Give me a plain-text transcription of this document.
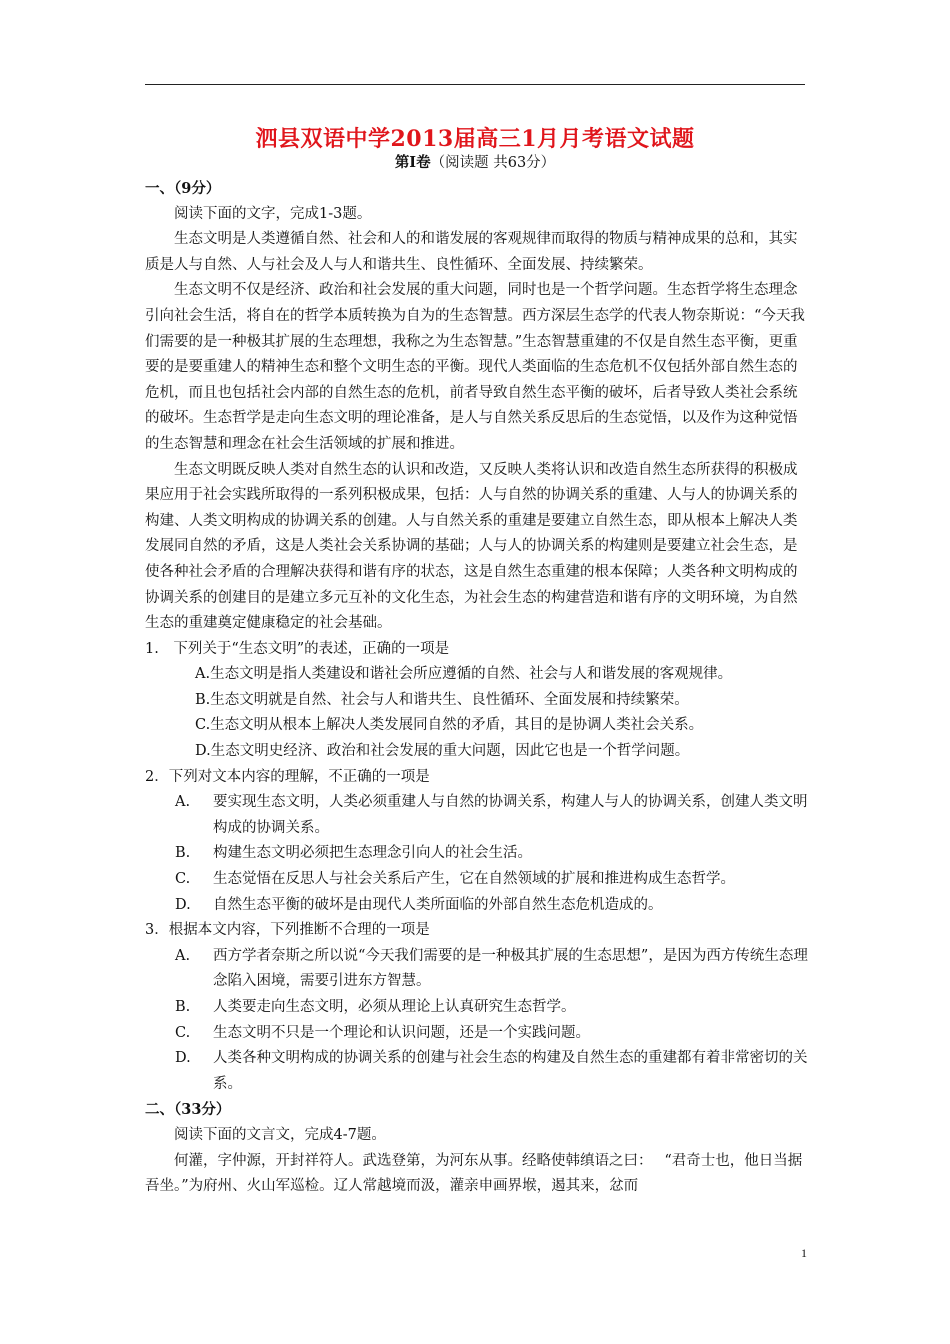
泗县双语中学2013届高三1月月考语文试题
第Ⅰ卷（阅读题 共63分）

一、（9分）

阅读下面的文字，完成1-3题。

生态文明是人类遵循自然、社会和人的和谐发展的客观规律而取得的物质与精神成果的总和，其实质是人与自然、人与社会及人与人和谐共生、良性循环、全面发展、持续繁荣。

生态文明不仅是经济、政治和社会发展的重大问题，同时也是一个哲学问题。生态哲学将生态理念引向社会生活，将自在的哲学本质转换为自为的生态智慧。西方深层生态学的代表人物奈斯说：“今天我们需要的是一种极其扩展的生态理想，我称之为生态智慧。”生态智慧重建的不仅是自然生态平衡，更重要的是要重建人的精神生态和整个文明生态的平衡。现代人类面临的生态危机不仅包括外部自然生态的危机，而且也包括社会内部的自然生态的危机，前者导致自然生态平衡的破坏，后者导致人类社会系统的破坏。生态哲学是走向生态文明的理论准备，是人与自然关系反思后的生态觉悟，以及作为这种觉悟的生态智慧和理念在社会生活领域的扩展和推进。

生态文明既反映人类对自然生态的认识和改造，又反映人类将认识和改造自然生态所获得的积极成果应用于社会实践所取得的一系列积极成果，包括：人与自然的协调关系的重建、人与人的协调关系的构建、人类文明构成的协调关系的创建。人与自然关系的重建是要建立自然生态，即从根本上解决人类发展同自然的矛盾，这是人类社会关系协调的基础；人与人的协调关系的构建则是要建立社会生态，是使各种社会矛盾的合理解决获得和谐有序的状态，这是自然生态重建的根本保障；人类各种文明构成的协调关系的创建目的是建立多元互补的文化生态，为社会生态的构建营造和谐有序的文明环境，为自然生态的重建奠定健康稳定的社会基础。

1.　下列关于“生态文明”的表述，正确的一项是

A.生态文明是指人类建设和谐社会所应遵循的自然、社会与人和谐发展的客观规律。

B.生态文明就是自然、社会与人和谐共生、良性循环、全面发展和持续繁荣。

C.生态文明从根本上解决人类发展同自然的矛盾，其目的是协调人类社会关系。

D.生态文明史经济、政治和社会发展的重大问题，因此它也是一个哲学问题。

2．下列对文本内容的理解，不正确的一项是

A.	要实现生态文明，人类必须重建人与自然的协调关系，构建人与人的协调关系，创建人类文明构成的协调关系。
B.	构建生态文明必须把生态理念引向人的社会生活。
C.	生态觉悟在反思人与社会关系后产生，它在自然领域的扩展和推进构成生态哲学。
D.	自然生态平衡的破坏是由现代人类所面临的外部自然生态危机造成的。

3．根据本文内容，下列推断不合理的一项是

A.	西方学者奈斯之所以说“今天我们需要的是一种极其扩展的生态思想”，是因为西方传统生态理念陷入困境，需要引进东方智慧。
B.	人类要走向生态文明，必须从理论上认真研究生态哲学。
C.	生态文明不只是一个理论和认识问题，还是一个实践问题。
D.	人类各种文明构成的协调关系的创建与社会生态的构建及自然生态的重建都有着非常密切的关系。

二、（33分）

阅读下面的文言文，完成4-7题。

何灌，字仲源，开封祥符人。武选登第，为河东从事。经略使韩缜语之曰：　 “君奇士也，他日当据吾坐。”为府州、火山军巡检。辽人常越境而汲，灌亲申画界堠，遏其来，忿而

1
